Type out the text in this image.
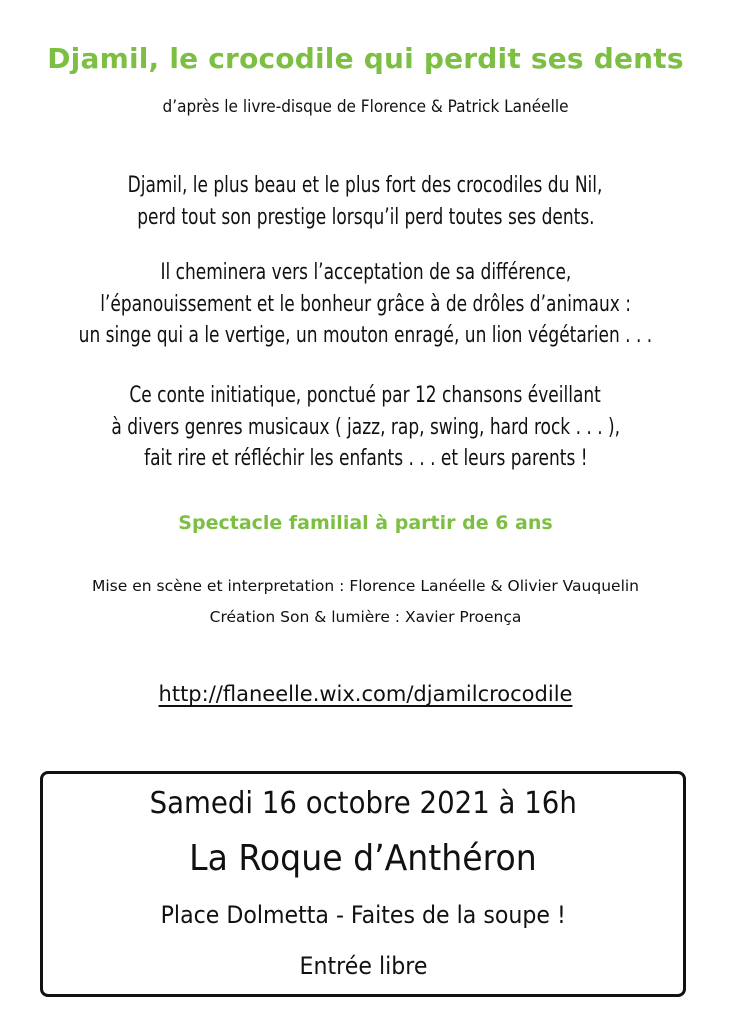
Djamil, le crocodile qui perdit ses dents
d’après le livre-disque de Florence & Patrick Lanéelle
Djamil, le plus beau et le plus fort des crocodiles du Nil,
perd tout son prestige lorsqu’il perd toutes ses dents.
Il cheminera vers l’acceptation de sa différence,
l’épanouissement et le bonheur grâce à de drôles d’animaux :
un singe qui a le vertige, un mouton enragé, un lion végétarien . . .
Ce conte initiatique, ponctué par 12 chansons éveillant
à divers genres musicaux ( jazz, rap, swing, hard rock . . . ),
fait rire et réfléchir les enfants . . . et leurs parents !
Spectacle familial à partir de 6 ans
Mise en scène et interpretation : Florence Lanéelle & Olivier Vauquelin
Création Son & lumière : Xavier Proença
http://flaneelle.wix.com/djamilcrocodile
Samedi 16 octobre 2021 à 16h
La Roque d’Anthéron
Place Dolmetta - Faites de la soupe !
Entrée libre
